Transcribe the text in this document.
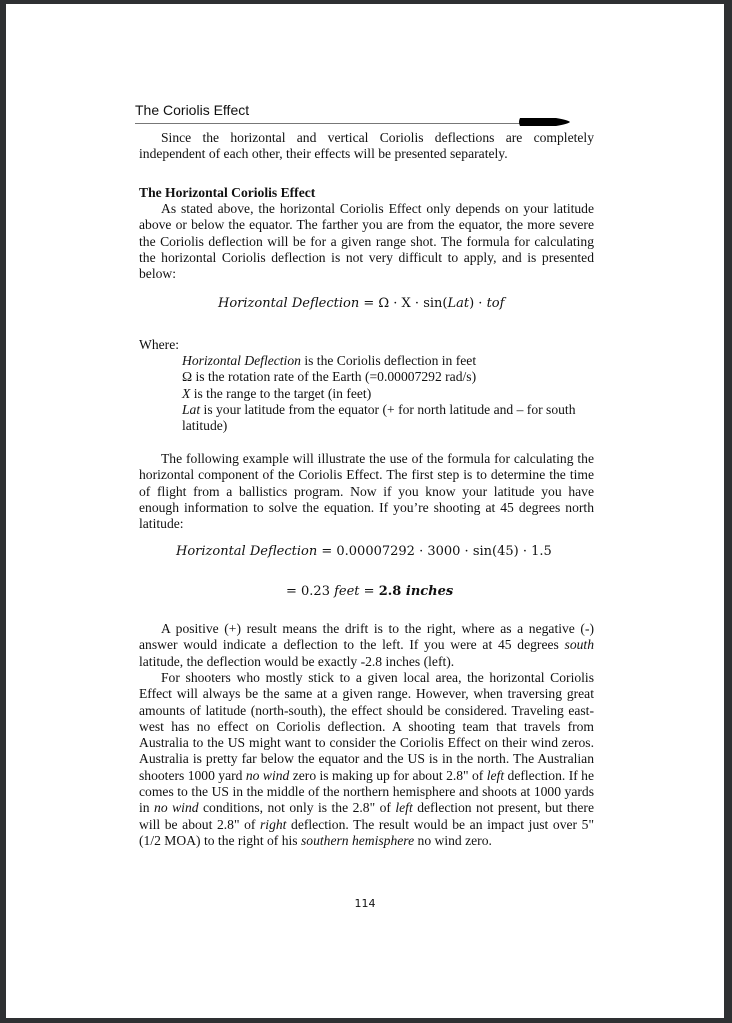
The Coriolis Effect
Since the horizontal and vertical Coriolis deflections are completely independent of each other, their effects will be presented separately.
The Horizontal Coriolis Effect
As stated above, the horizontal Coriolis Effect only depends on your latitude above or below the equator. The farther you are from the equator, the more severe the Coriolis deflection will be for a given range shot. The formula for calculating the horizontal Coriolis deflection is not very difficult to apply, and is presented below:
Horizontal Deflection = Ω · X · sin(Lat) · tof
Where:
Horizontal Deflection is the Coriolis deflection in feet
Ω is the rotation rate of the Earth (=0.00007292 rad/s)
X is the range to the target (in feet)
Lat is your latitude from the equator (+ for north latitude and – for south latitude)
The following example will illustrate the use of the formula for calculating the horizontal component of the Coriolis Effect. The first step is to determine the time of flight from a ballistics program. Now if you know your latitude you have enough information to solve the equation. If you’re shooting at 45 degrees north latitude:
Horizontal Deflection = 0.00007292 · 3000 · sin(45) · 1.5
= 0.23 feet = 2.8 inches
A positive (+) result means the drift is to the right, where as a negative (-) answer would indicate a deflection to the left. If you were at 45 degrees south latitude, the deflection would be exactly -2.8 inches (left).
For shooters who mostly stick to a given local area, the horizontal Coriolis Effect will always be the same at a given range. However, when traversing great amounts of latitude (north-south), the effect should be considered. Traveling east-west has no effect on Coriolis deflection. A shooting team that travels from Australia to the US might want to consider the Coriolis Effect on their wind zeros. Australia is pretty far below the equator and the US is in the north. The Australian shooters 1000 yard no wind zero is making up for about 2.8" of left deflection. If he comes to the US in the middle of the northern hemisphere and shoots at 1000 yards in no wind conditions, not only is the 2.8" of left deflection not present, but there will be about 2.8" of right deflection. The result would be an impact just over 5" (1/2 MOA) to the right of his southern hemisphere no wind zero.
114
